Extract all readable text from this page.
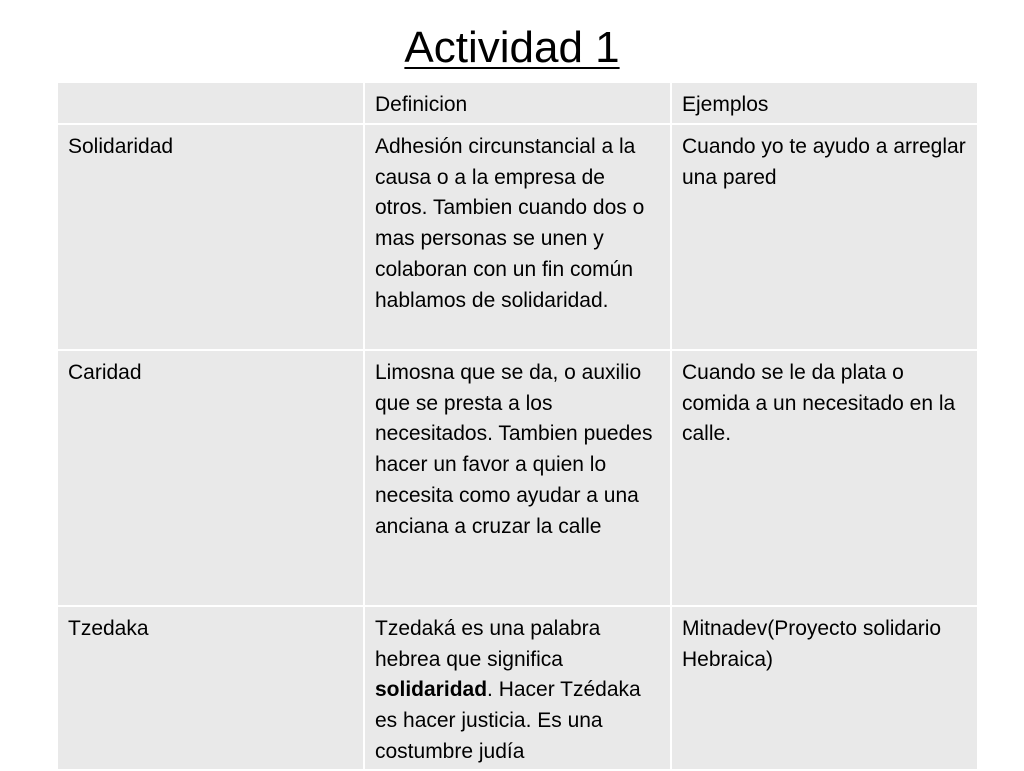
Actividad 1
	Definicion	Ejemplos
Solidaridad	Adhesión circunstancial a la causa o a la empresa de otros. Tambien cuando dos o mas personas se unen y colaboran con un fin común hablamos de solidaridad.	Cuando yo te ayudo a arreglar una pared
Caridad	Limosna que se da, o auxilio que se presta a los necesitados. Tambien puedes hacer un favor a quien lo necesita como ayudar a una anciana a cruzar la calle	Cuando se le da plata o comida a un necesitado en la calle.
Tzedaka	Tzedaká es una palabra hebrea que significa solidaridad. Hacer Tzédaka es hacer justicia. Es una costumbre judía	Mitnadev(Proyecto solidario Hebraica)
